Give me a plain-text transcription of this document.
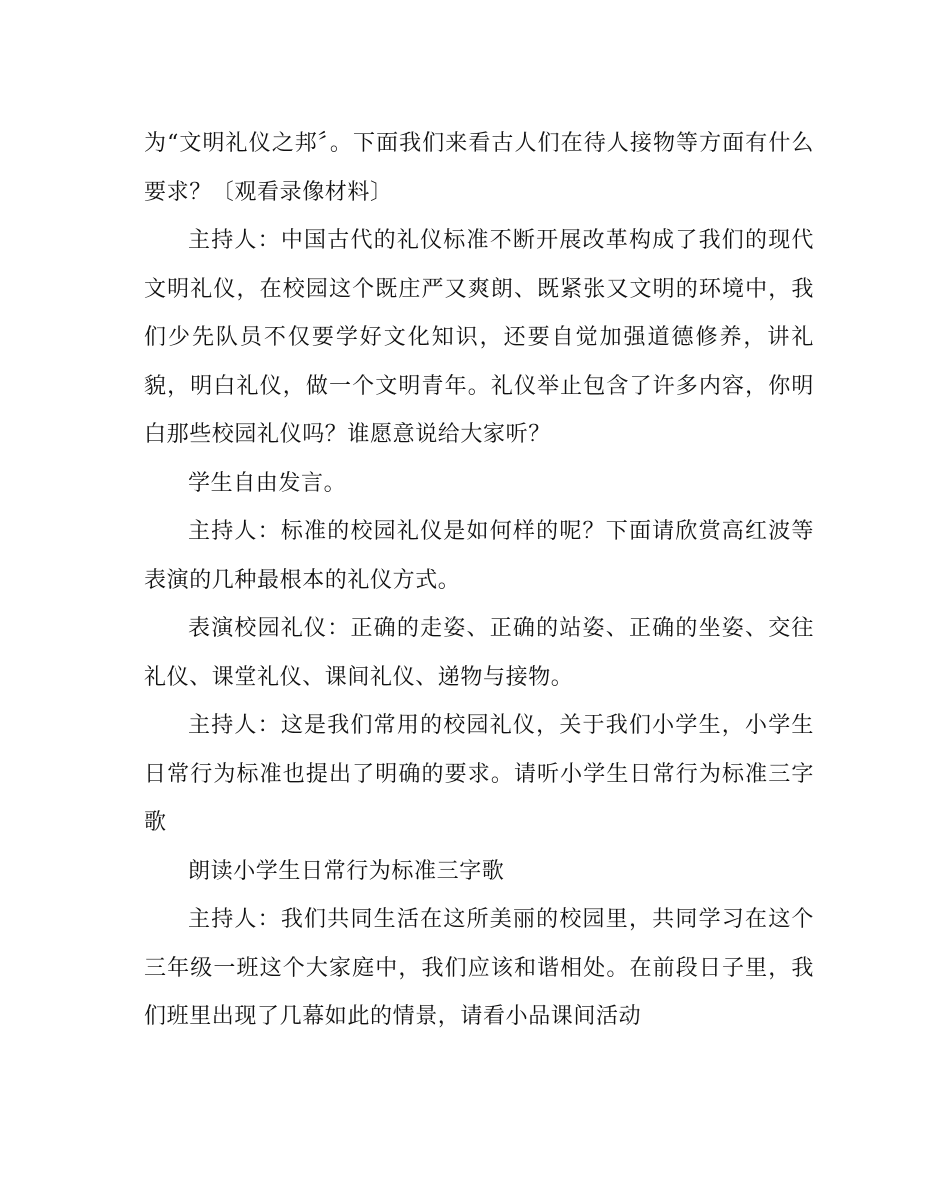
为“文明礼仪之邦〞。下面我们来看古人们在待人接物等方面有什么要求？〔观看录像材料〕

主持人：中国古代的礼仪标准不断开展改革构成了我们的现代文明礼仪，在校园这个既庄严又爽朗、既紧张又文明的环境中，我们少先队员不仅要学好文化知识，还要自觉加强道德修养，讲礼貌，明白礼仪，做一个文明青年。礼仪举止包含了许多内容，你明白那些校园礼仪吗？谁愿意说给大家听？

学生自由发言。

主持人：标准的校园礼仪是如何样的呢？下面请欣赏高红波等表演的几种最根本的礼仪方式。

表演校园礼仪：正确的走姿、正确的站姿、正确的坐姿、交往礼仪、课堂礼仪、课间礼仪、递物与接物。

主持人：这是我们常用的校园礼仪，关于我们小学生，小学生日常行为标准也提出了明确的要求。请听小学生日常行为标准三字歌

朗读小学生日常行为标准三字歌

主持人：我们共同生活在这所美丽的校园里，共同学习在这个三年级一班这个大家庭中，我们应该和谐相处。在前段日子里，我们班里出现了几幕如此的情景，请看小品课间活动
